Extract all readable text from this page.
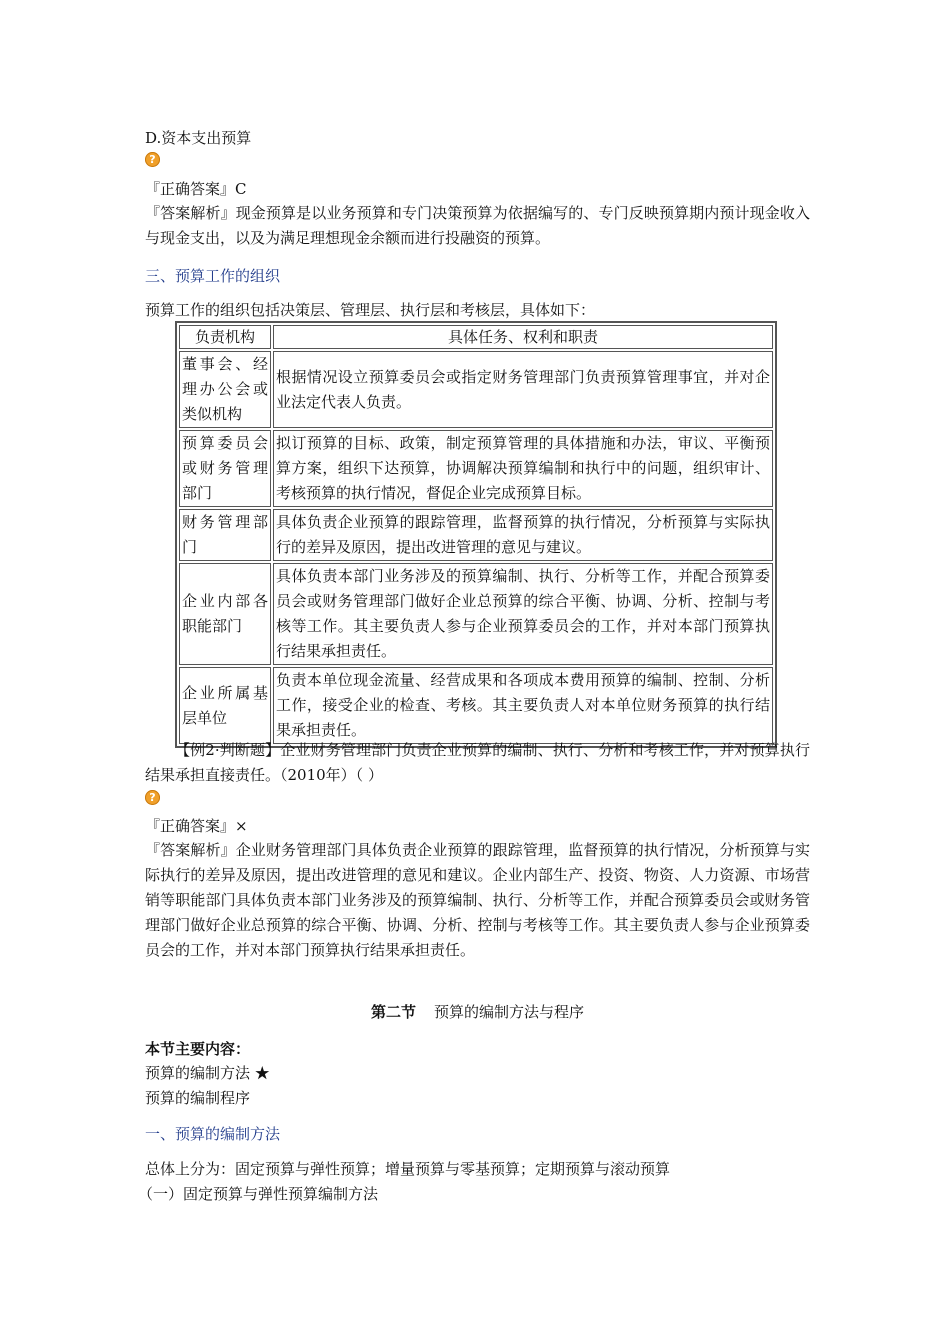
D.资本支出预算
?
『正确答案』C
『答案解析』现金预算是以业务预算和专门决策预算为依据编写的、专门反映预算期内预计现金收入与现金支出，以及为满足理想现金余额而进行投融资的预算。
三、预算工作的组织
预算工作的组织包括决策层、管理层、执行层和考核层，具体如下：
负责机构	具体任务、权利和职责
董事会、经理办公会或类似机构	根据情况设立预算委员会或指定财务管理部门负责预算管理事宜，并对企业法定代表人负责。
预算委员会或财务管理部门	拟订预算的目标、政策，制定预算管理的具体措施和办法，审议、平衡预算方案，组织下达预算，协调解决预算编制和执行中的问题，组织审计、考核预算的执行情况，督促企业完成预算目标。
财务管理部门	具体负责企业预算的跟踪管理，监督预算的执行情况，分析预算与实际执行的差异及原因，提出改进管理的意见与建议。
企业内部各职能部门	具体负责本部门业务涉及的预算编制、执行、分析等工作，并配合预算委员会或财务管理部门做好企业总预算的综合平衡、协调、分析、控制与考核等工作。其主要负责人参与企业预算委员会的工作，并对本部门预算执行结果承担责任。
企业所属基层单位	负责本单位现金流量、经营成果和各项成本费用预算的编制、控制、分析工作，接受企业的检查、考核。其主要负责人对本单位财务预算的执行结果承担责任。
【例2·判断题】企业财务管理部门负责企业预算的编制、执行、分析和考核工作，并对预算执行结果承担直接责任。（2010年）（ ）
?
『正确答案』×
『答案解析』企业财务管理部门具体负责企业预算的跟踪管理，监督预算的执行情况，分析预算与实际执行的差异及原因，提出改进管理的意见和建议。企业内部生产、投资、物资、人力资源、市场营销等职能部门具体负责本部门业务涉及的预算编制、执行、分析等工作，并配合预算委员会或财务管理部门做好企业总预算的综合平衡、协调、分析、控制与考核等工作。其主要负责人参与企业预算委员会的工作，并对本部门预算执行结果承担责任。
第二节 预算的编制方法与程序
本节主要内容：
预算的编制方法 ★
预算的编制程序
一、预算的编制方法
总体上分为：固定预算与弹性预算；增量预算与零基预算；定期预算与滚动预算
（一）固定预算与弹性预算编制方法
